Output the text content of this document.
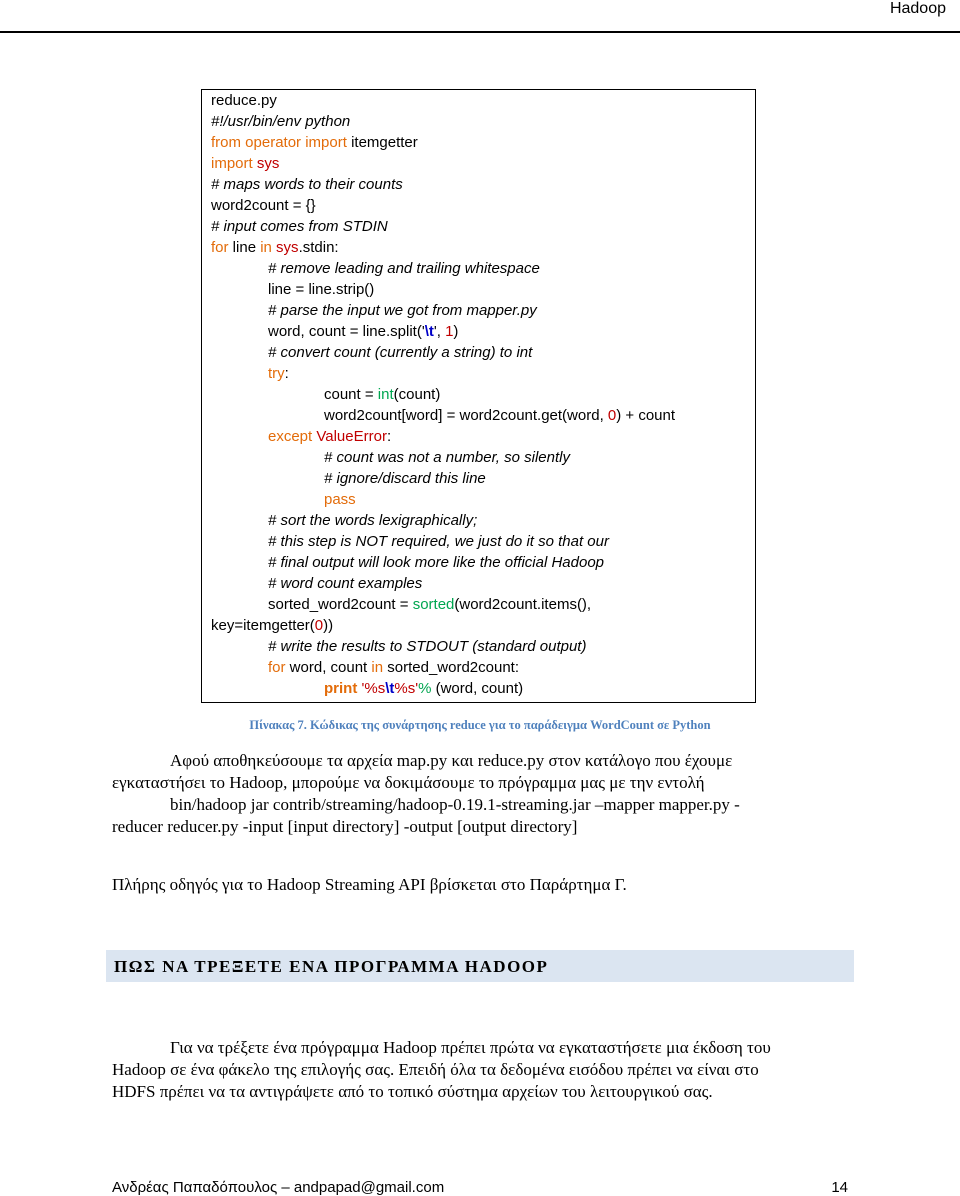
Hadoop
reduce.py
#!/usr/bin/env python
from operator import itemgetter
import sys
# maps words to their counts
word2count = {}
# input comes from STDIN
for line in sys.stdin:
# remove leading and trailing whitespace
line = line.strip()
# parse the input we got from mapper.py
word, count = line.split('\t', 1)
# convert count (currently a string) to int
try:
count = int(count)
word2count[word] = word2count.get(word, 0) + count
except ValueError:
# count was not a number, so silently
# ignore/discard this line
pass
# sort the words lexigraphically;
# this step is NOT required, we just do it so that our
# final output will look more like the official Hadoop
# word count examples
sorted_word2count = sorted(word2count.items(),
key=itemgetter(0))
# write the results to STDOUT (standard output)
for word, count in sorted_word2count:
print '%s\t%s'% (word, count)
Πίνακας 7. Κώδικας της συνάρτησης reduce για το παράδειγμα WordCount σε Python
Αφού αποθηκεύσουμε τα αρχεία map.py και reduce.py στον κατάλογο που έχουμε
εγκαταστήσει το Hadoop, μπορούμε να δοκιμάσουμε το πρόγραμμα μας με την εντολή
bin/hadoop jar contrib/streaming/hadoop-0.19.1-streaming.jar –mapper mapper.py -
reducer reducer.py -input [input directory] -output [output directory]
Πλήρης οδηγός για το Hadoop Streaming API βρίσκεται στο Παράρτημα Γ.
ΠΩΣ ΝΑ ΤΡΕΞΕΤΕ ΕΝΑ ΠΡΟΓΡΑΜΜΑ HADOOP
Για να τρέξετε ένα πρόγραμμα Hadoop πρέπει πρώτα να εγκαταστήσετε μια έκδοση του
Hadoop σε ένα φάκελο της επιλογής σας. Επειδή όλα τα δεδομένα εισόδου πρέπει να είναι στο
HDFS πρέπει να τα αντιγράψετε από το τοπικό σύστημα αρχείων του λειτουργικού σας.
Ανδρέας Παπαδόπουλος – andpapad@gmail.com	14
